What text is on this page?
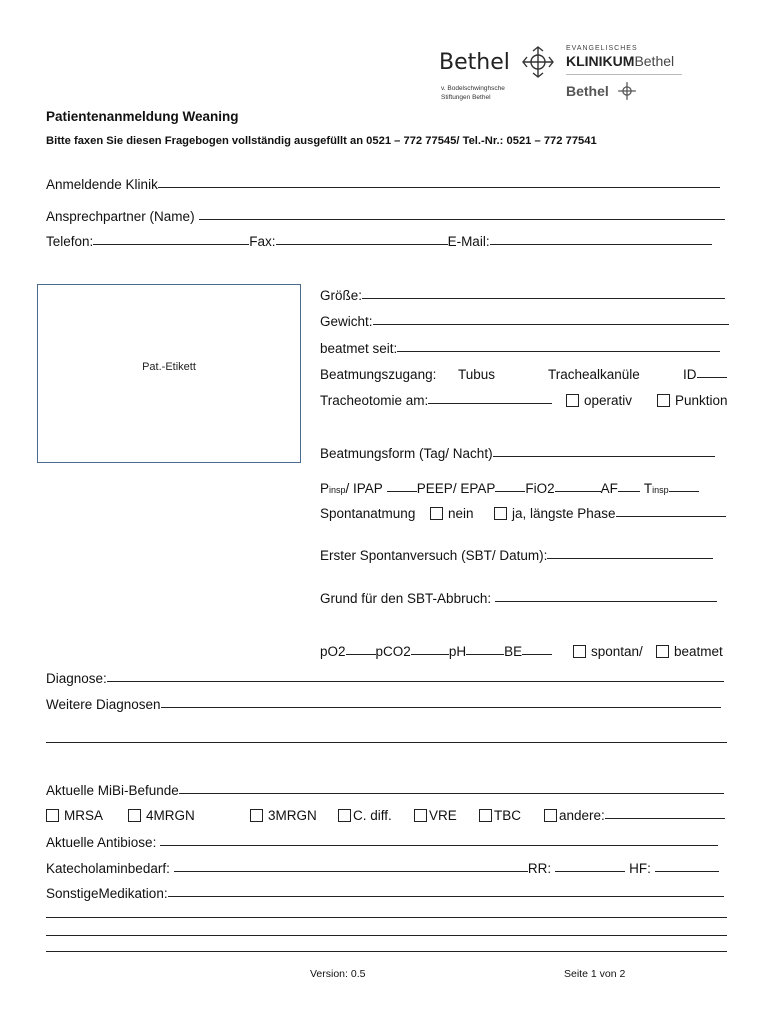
Bethel
v. Bodelschwinghsche
Stiftungen Bethel
EVANGELISCHES
KLINIKUMBethel
Bethel
Patientenanmeldung Weaning
Bitte faxen Sie diesen Fragebogen vollständig ausgefüllt an 0521 – 772 77545/ Tel.-Nr.: 0521 – 772 77541
Anmeldende Klinik
Ansprechpartner (Name)
Telefon:	Fax:	E-Mail:
Pat.-Etikett
Größe:
Gewicht:
beatmet seit:
Beatmungszugang: Tubus	Trachealkanüle	ID
Tracheotomie am:	operativ	Punktion
Beatmungsform (Tag/ Nacht)
Pinsp/ IPAP	PEEP/ EPAP FiO2	AF Tinsp
Spontanatmung	nein	ja, längste Phase
Erster Spontanversuch (SBT/ Datum):
Grund für den SBT-Abbruch:
pO2 pCO2	pH	BE	spontan/	beatmet
Diagnose:
Weitere Diagnosen
Aktuelle MiBi-Befunde
MRSA	4MRGN	3MRGN	C. diff.	VRE	TBC	andere:
Aktuelle Antibiose:
Katecholaminbedarf:	RR:	HF:
SonstigeMedikation:
Version: 0.5	Seite 1 von 2
